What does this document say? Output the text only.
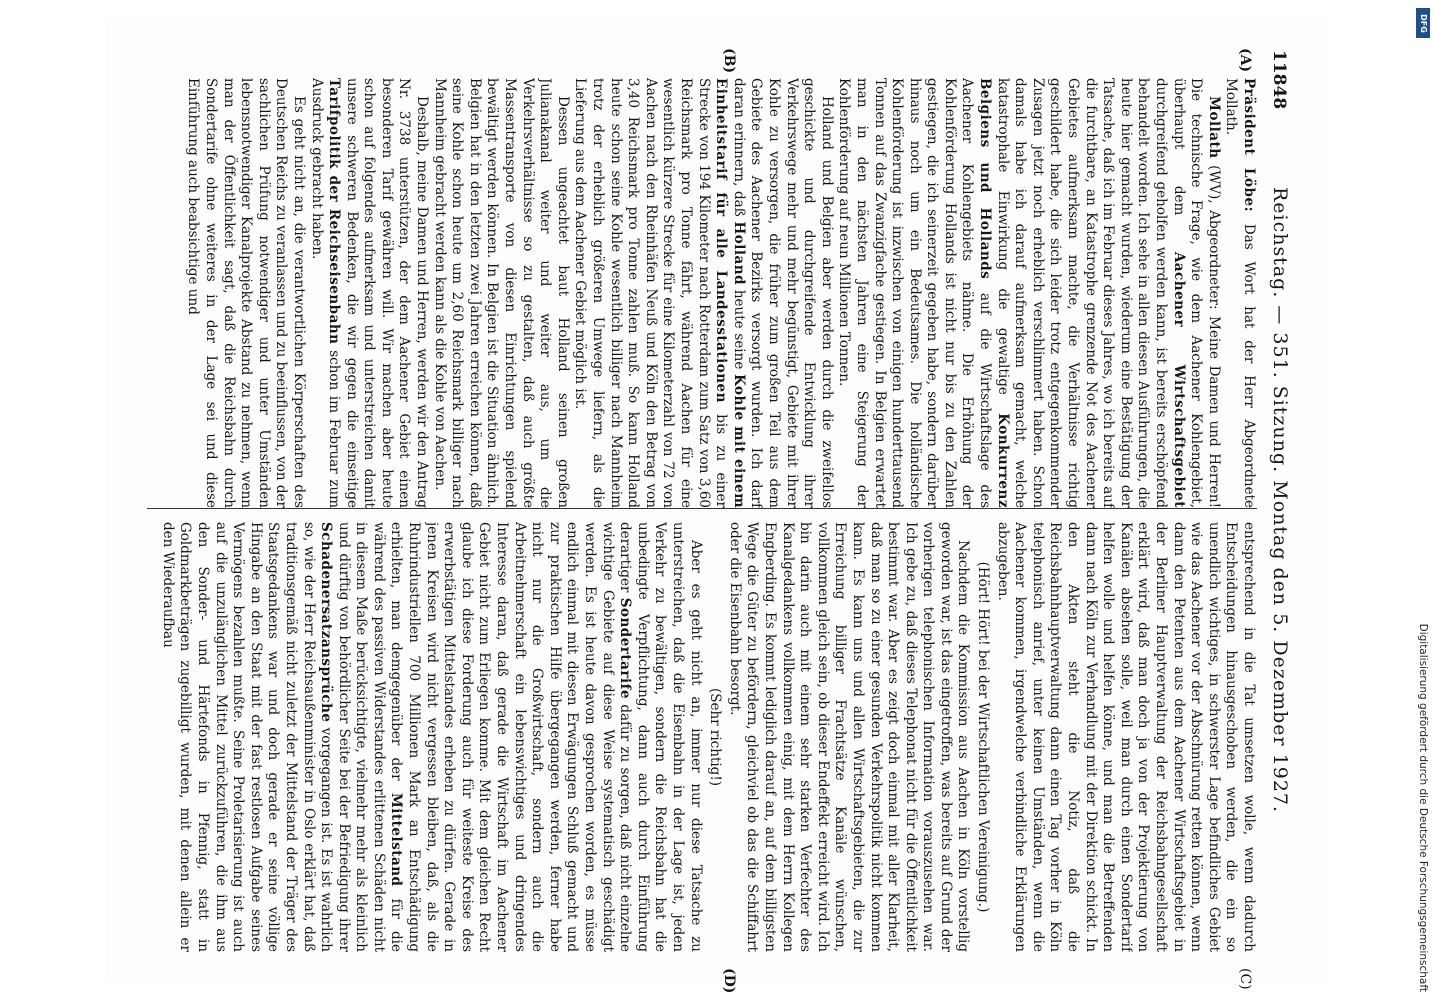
11848
Reichstag. — 351. Sitzung. Montag den 5. Dezember 1927.
(A)
(B)
(C)
(D)

Präsident Löbe: Das Wort hat der Herr Abgeordnete Mollath.

Mollath (WV), Abgeordneter: Meine Damen und Herren! Die technische Frage, wie dem Aachener Kohlengebiet, überhaupt dem Aachener Wirtschaftsgebiet durchgreifend geholfen werden kann, ist bereits erschöpfend behandelt worden. Ich sehe in allen diesen Ausführungen, die heute hier gemacht wurden, wiederum eine Bestätigung der Tatsache, daß ich im Februar dieses Jahres, wo ich bereits auf die furchtbare, an Katastrophe grenzende Not des Aachener Gebietes aufmerksam machte, die Verhältnisse richtig geschildert habe, die sich leider trotz entgegenkommender Zusagen jetzt noch erheblich verschlimmert haben. Schon damals habe ich darauf aufmerksam gemacht, welche katastrophale Einwirkung die gewaltige Konkurrenz Belgiens und Hollands auf die Wirtschaftslage des Aachener Kohlengebiets nähme. Die Erhöhung der Kohlenförderung Hollands ist nicht nur bis zu den Zahlen gestiegen, die ich seinerzeit gegeben habe, sondern darüber hinaus noch um ein Bedeutsames. Die holländische Kohlenförderung ist inzwischen von einigen hunderttausend Tonnen auf das Zwanzigfache gestiegen. In Belgien erwartet man in den nächsten Jahren eine Steigerung der Kohlenförderung auf neun Millionen Tonnen.

Holland und Belgien aber werden durch die zweifellos geschickte und durchgreifende Entwicklung ihrer Verkehrswege mehr und mehr begünstigt, Gebiete mit ihrer Kohle zu versorgen, die früher zum großen Teil aus dem Gebiete des Aachener Bezirks versorgt wurden. Ich darf daran erinnern, daß Holland heute seine Kohle mit einem Einheitstarif für alle Landesstationen bis zu einer Strecke von 194 Kilometer nach Rotterdam zum Satz von 3,60 Reichsmark pro Tonne fährt, während Aachen für eine wesentlich kürzere Strecke für eine Kilometerzahl von 72 von Aachen nach den Rheinhäfen Neuß und Köln den Betrag von 3,40 Reichsmark pro Tonne zahlen muß. So kann Holland heute schon seine Kohle wesentlich billiger nach Mannheim trotz der erheblich größeren Umwege liefern, als die Lieferung aus dem Aachener Gebiet möglich ist.

Dessen ungeachtet baut Holland seinen großen Julianakanal weiter und weiter aus, um die Verkehrsverhältnisse so zu gestalten, daß auch größte Massentransporte von diesen Einrichtungen spielend bewältigt werden können. In Belgien ist die Situation ähnlich. Belgien hat in den letzten zwei Jahren erreichen können, daß seine Kohle schon heute um 2,60 Reichsmark billiger nach Mannheim gebracht werden kann als die Kohle von Aachen.

Deshalb, meine Damen und Herren, werden wir den Antrag Nr. 3738 unterstützen, der dem Aachener Gebiet einen besonderen Tarif gewähren will. Wir machen aber heute schon auf folgendes aufmerksam und unterstreichen damit unsere schweren Bedenken, die wir gegen die einseitige Tarifpolitik der Reichseisenbahn schon im Februar zum Ausdruck gebracht haben.

Es geht nicht an, die verantwortlichen Körperschaften des Deutschen Reichs zu veranlassen und zu beeinflussen, von der sachlichen Prüfung notwendiger und unter Umständen lebensnotwendiger Kanalprojekte Abstand zu nehmen, wenn man der Öffentlichkeit sagt, daß die Reichsbahn durch Sondertarife ohne weiteres in der Lage sei und diese Einführung auch beabsichtige und

entsprechend in die Tat umsetzen wolle, wenn dadurch Entscheidungen hinausgeschoben werden, die ein so unendlich wichtiges, in schwerster Lage befindliches Gebiet wie das Aachener vor der Abschnürung retten können, wenn dann den Petenten aus dem Aachener Wirtschaftsgebiet in der Berliner Hauptverwaltung der Reichsbahngesellschaft erklärt wird, daß man doch ja von der Projektierung von Kanälen absehen solle, weil man durch einen Sondertarif helfen wolle und helfen könne, und man die Betreffenden dann nach Köln zur Verhandlung mit der Direktion schickt. In den Akten steht die Notiz, daß die Reichsbahnhauptverwaltung dann einen Tag vorher in Köln telephonisch anrief, unter keinen Umständen, wenn die Aachener kommen, irgendwelche verbindliche Erklärungen abzugeben.

(Hört! Hört! bei der Wirtschaftlichen Vereinigung.)

Nachdem die Kommission aus Aachen in Köln vorstellig geworden war, ist das eingetroffen, was bereits auf Grund der vorherigen telephonischen Information vorauszusehen war. Ich gebe zu, daß dieses Telephonat nicht für die Öffentlichkeit bestimmt war. Aber es zeigt doch einmal mit aller Klarheit, daß man so zu einer gesunden Verkehrspolitik nicht kommen kann. Es kann uns und allen Wirtschaftsgebieten, die zur Erreichung billiger Frachtsätze Kanäle wünschen, vollkommen gleich sein, ob dieser Endeffekt erreicht wird. Ich bin darin auch mit einem sehr starken Verfechter des Kanalgedankens vollkommen einig, mit dem Herrn Kollegen Engberding. Es kommt lediglich darauf an, auf dem billigsten Wege die Güter zu befördern, gleichviel ob das die Schiffahrt oder die Eisenbahn besorgt.

(Sehr richtig!)

Aber es geht nicht an, immer nur diese Tatsache zu unterstreichen, daß die Eisenbahn in der Lage ist, jeden Verkehr zu bewältigen, sondern die Reichsbahn hat die unbedingte Verpflichtung, dann auch durch Einführung derartiger Sondertarife dafür zu sorgen, daß nicht einzelne wichtige Gebiete auf diese Weise systematisch geschädigt werden. Es ist heute davon gesprochen worden, es müsse endlich einmal mit diesen Erwägungen Schluß gemacht und zur praktischen Hilfe übergegangen werden, ferner habe nicht nur die Großwirtschaft, sondern auch die Arbeitnehmerschaft ein lebenswichtiges und dringendes Interesse daran, daß gerade die Wirtschaft im Aachener Gebiet nicht zum Erliegen komme. Mit dem gleichen Recht glaube ich diese Forderung auch für weiteste Kreise des erwerbstätigen Mittelstandes erheben zu dürfen. Gerade in jenen Kreisen wird nicht vergessen bleiben, daß, als die Ruhrindustriellen 700 Millionen Mark an Entschädigung erhielten, man demgegenüber der Mittelstand für die während des passiven Widerstandes erlittenen Schäden nicht in diesem Maße berücksichtigte, vielmehr mehr als kleinlich und dürftig von behördlicher Seite bei der Befriedigung ihrer Schadenersatzansprüche vorgegangen ist. Es ist wahrlich so, wie der Herr Reichsaußenminister in Oslo erklärt hat, daß traditionsgemäß nicht zuletzt der Mittelstand der Träger des Staatsgedankens war und doch gerade er seine völlige Hingabe an den Staat mit der fast restlosen Aufgabe seines Vermögens bezahlen mußte. Seine Proletarisierung ist auch auf die unzulänglichen Mittel zurückzuführen, die ihm aus den Sonder- und Härtefonds in Pfennig, statt in Goldmarkbeträgen zugebilligt wurden, mit denen allein er den Wiederaufbau

DFG
Digitalisierung gefördert durch die Deutsche Forschungsgemeinschaft
